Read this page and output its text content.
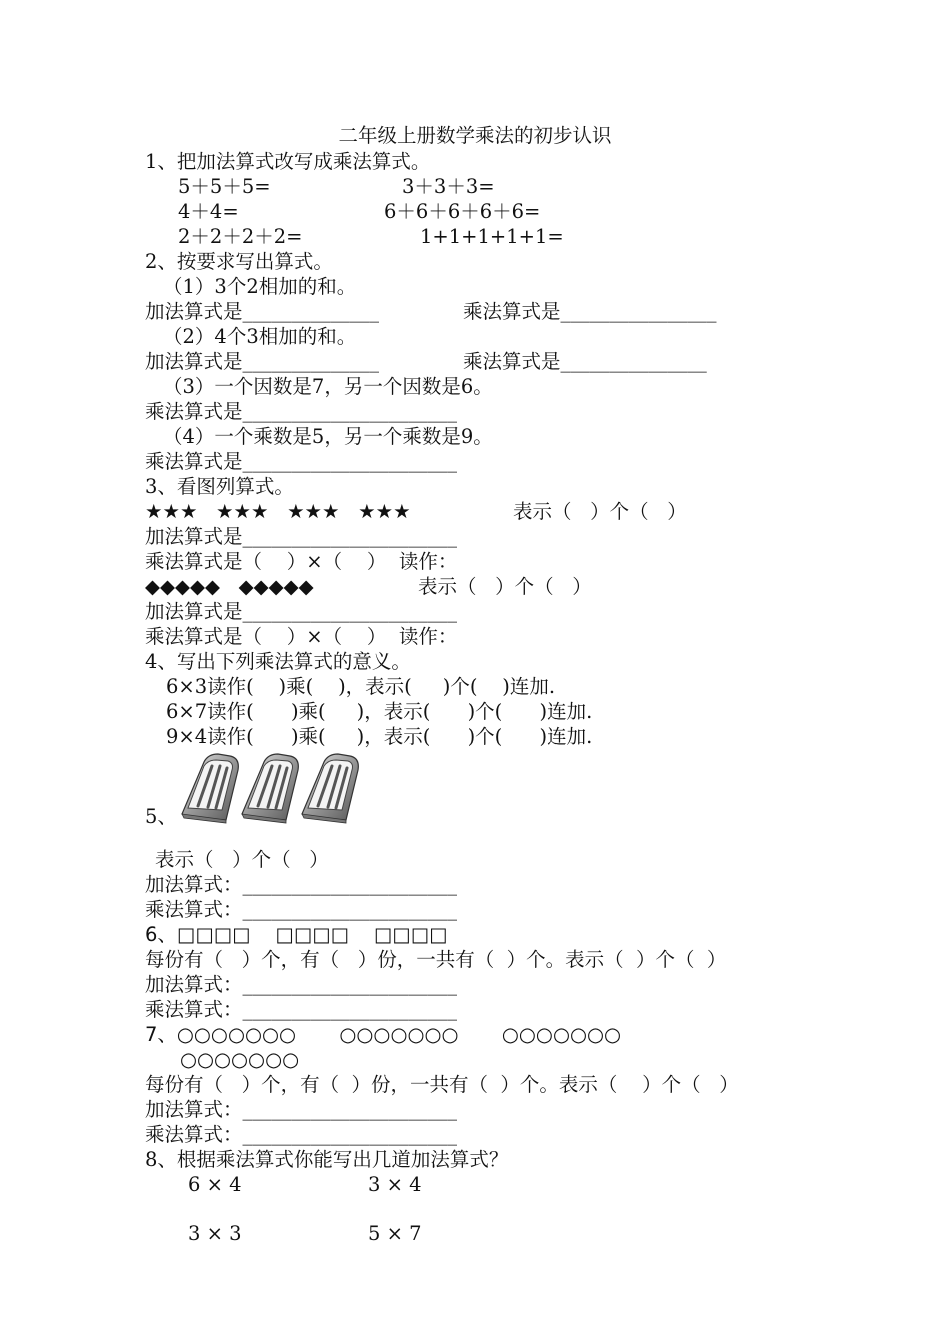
二年级上册数学乘法的初步认识
1、把加法算式改写成乘法算式。
5＋5＋5=	3＋3＋3=
4＋4=	6＋6＋6＋6＋6=
2＋2＋2＋2=	1+1+1+1+1=
2、按要求写出算式。
（1）3个2相加的和。
加法算式是______________	乘法算式是________________
（2）4个3相加的和。
加法算式是______________	乘法算式是_______________
（3）一个因数是7，另一个因数是6。
乘法算式是______________________
（4）一个乘数是5，另一个乘数是9。
乘法算式是______________________
3、看图列算式。
★★★   ★★★   ★★★   ★★★	表示（   ）个（   ）
加法算式是______________________
乘法算式是（    ）×（    ）  读作：
◆◆◆◆◆   ◆◆◆◆◆	表示（   ）个（   ）
加法算式是______________________
乘法算式是（    ）×（    ）  读作：
4、写出下列乘法算式的意义。
6×3读作(    )乘(    )，表示(     )个(    )连加.
6×7读作(      )乘(     )，表示(      )个(      )连加.
9×4读作(      )乘(     )，表示(      )个(      )连加.
5、
表示（   ）个（   ）
加法算式：______________________
乘法算式：______________________
6、□□□□    □□□□    □□□□
每份有（   ）个，有（   ）份，一共有（  ）个。表示（  ）个（  ）
加法算式：______________________
乘法算式：______________________
7、○○○○○○○       ○○○○○○○       ○○○○○○○
○○○○○○○
每份有（   ）个，有（  ）份，一共有（  ）个。表示（    ）个（   ）
加法算式：______________________
乘法算式：______________________
8、根据乘法算式你能写出几道加法算式？
6 × 4	3 × 4
3 × 3	5 × 7
